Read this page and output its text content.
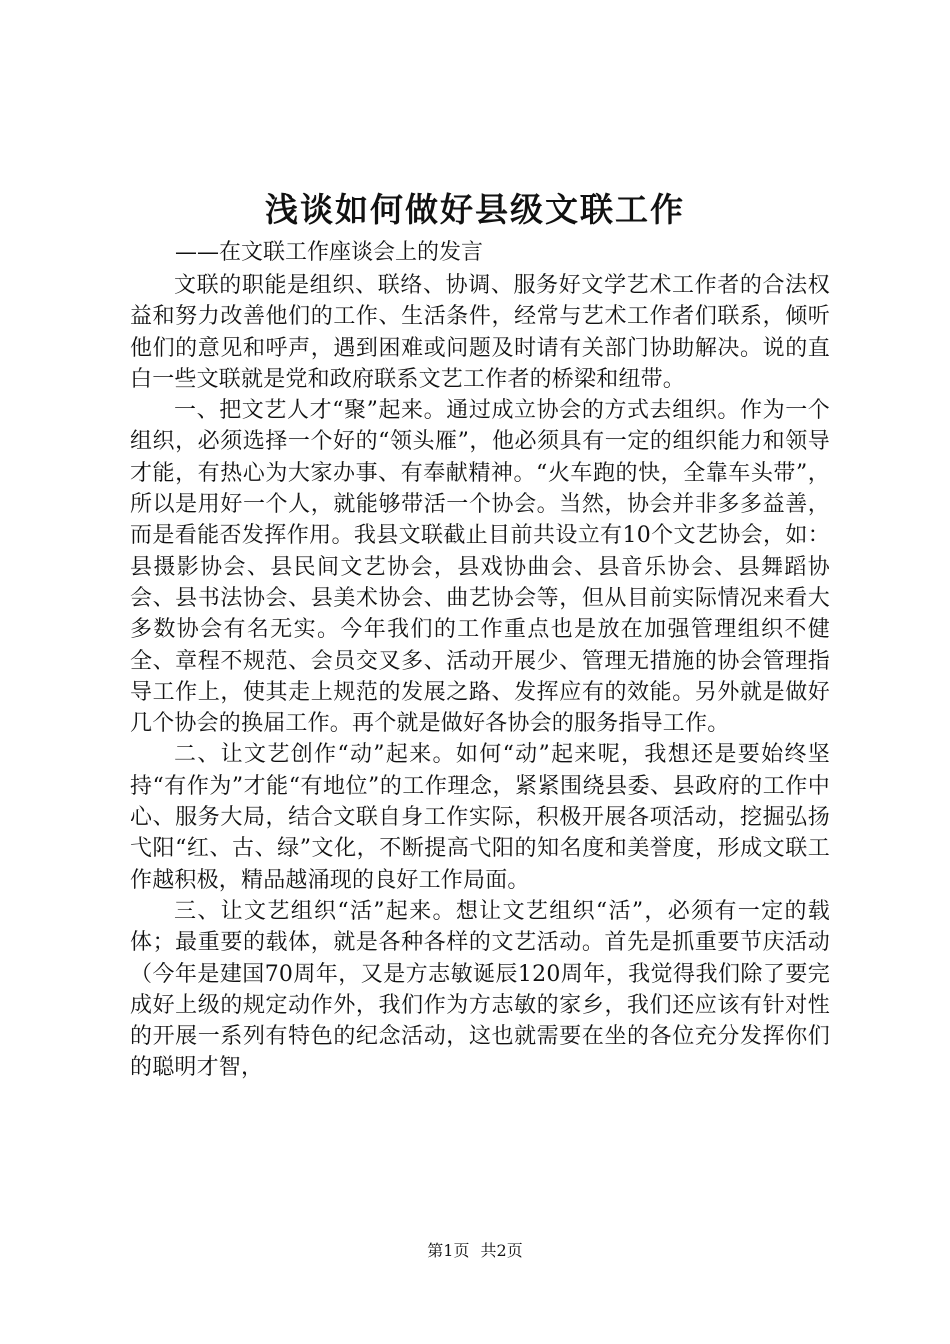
浅谈如何做好县级文联工作

——在文联工作座谈会上的发言

文联的职能是组织、联络、协调、服务好文学艺术工作者的合法权益和努力改善他们的工作、生活条件，经常与艺术工作者们联系，倾听他们的意见和呼声，遇到困难或问题及时请有关部门协助解决。说的直白一些文联就是党和政府联系文艺工作者的桥梁和纽带。

一、把文艺人才“聚”起来。通过成立协会的方式去组织。作为一个组织，必须选择一个好的“领头雁”，他必须具有一定的组织能力和领导才能，有热心为大家办事、有奉献精神。“火车跑的快，全靠车头带”，所以是用好一个人，就能够带活一个协会。当然，协会并非多多益善，而是看能否发挥作用。我县文联截止目前共设立有10个文艺协会，如：县摄影协会、县民间文艺协会，县戏协曲会、县音乐协会、县舞蹈协会、县书法协会、县美术协会、曲艺协会等，但从目前实际情况来看大多数协会有名无实。今年我们的工作重点也是放在加强管理组织不健全、章程不规范、会员交叉多、活动开展少、管理无措施的协会管理指导工作上，使其走上规范的发展之路、发挥应有的效能。另外就是做好几个协会的换届工作。再个就是做好各协会的服务指导工作。

二、让文艺创作“动”起来。如何“动”起来呢，我想还是要始终坚持“有作为”才能“有地位”的工作理念，紧紧围绕县委、县政府的工作中心、服务大局，结合文联自身工作实际，积极开展各项活动，挖掘弘扬弋阳“红、古、绿”文化，不断提高弋阳的知名度和美誉度，形成文联工作越积极，精品越涌现的良好工作局面。

三、让文艺组织“活”起来。想让文艺组织“活”，必须有一定的载体；最重要的载体，就是各种各样的文艺活动。首先是抓重要节庆活动（今年是建国70周年，又是方志敏诞辰120周年，我觉得我们除了要完成好上级的规定动作外，我们作为方志敏的家乡，我们还应该有针对性的开展一系列有特色的纪念活动，这也就需要在坐的各位充分发挥你们的聪明才智，

第1页 共2页
